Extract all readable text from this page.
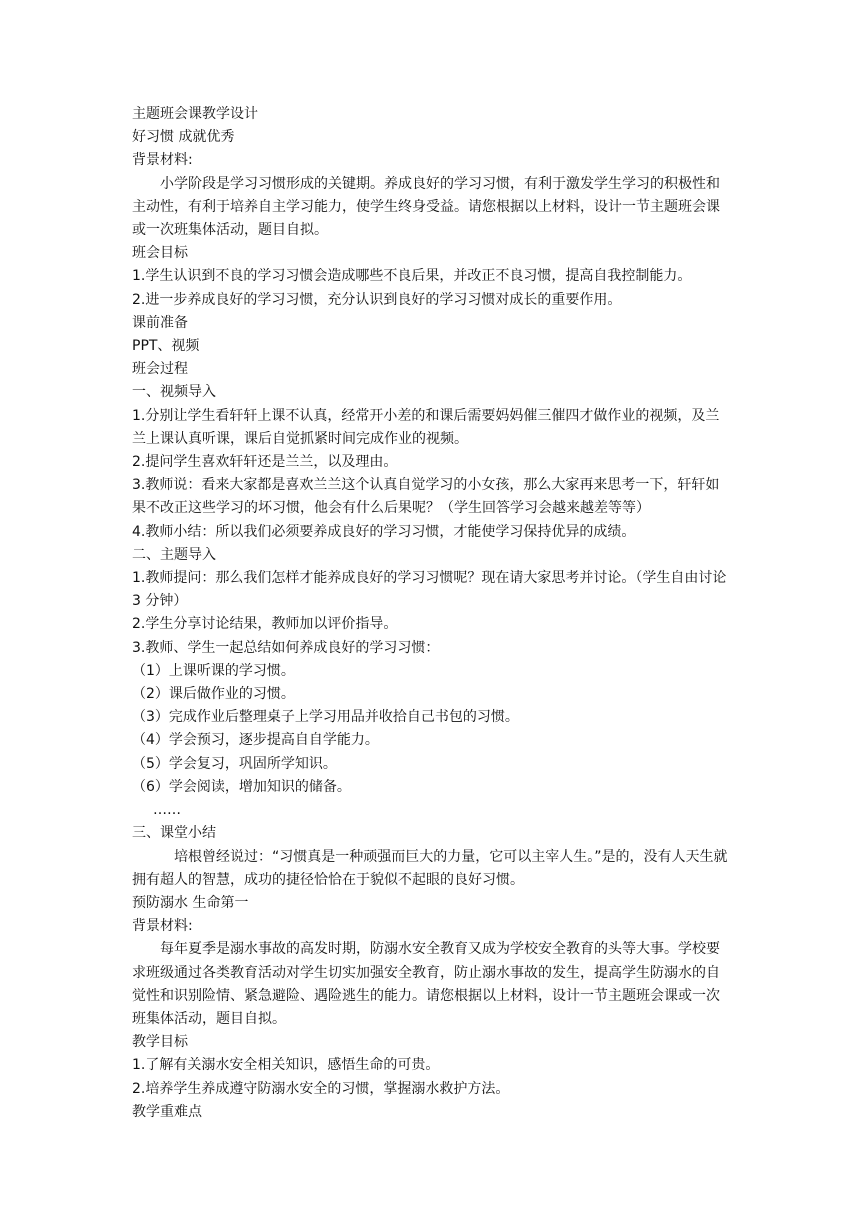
主题班会课教学设计
好习惯 成就优秀
背景材料:
小学阶段是学习习惯形成的关键期。养成良好的学习习惯，有利于激发学生学习的积极性和主动性，有利于培养自主学习能力，使学生终身受益。请您根据以上材料，设计一节主题班会课或一次班集体活动，题目自拟。
班会目标
1.学生认识到不良的学习习惯会造成哪些不良后果，并改正不良习惯，提高自我控制能力。
2.进一步养成良好的学习习惯，充分认识到良好的学习习惯对成长的重要作用。
课前准备
PPT、视频
班会过程
一、视频导入
1.分别让学生看轩轩上课不认真，经常开小差的和课后需要妈妈催三催四才做作业的视频，及兰兰上课认真听课，课后自觉抓紧时间完成作业的视频。
2.提问学生喜欢轩轩还是兰兰，以及理由。
3.教师说：看来大家都是喜欢兰兰这个认真自觉学习的小女孩，那么大家再来思考一下，轩轩如果不改正这些学习的坏习惯，他会有什么后果呢？（学生回答学习会越来越差等等）
4.教师小结：所以我们必须要养成良好的学习习惯，才能使学习保持优异的成绩。
二、主题导入
1.教师提问：那么我们怎样才能养成良好的学习习惯呢？现在请大家思考并讨论。（学生自由讨论 3 分钟）
2.学生分享讨论结果，教师加以评价指导。
3.教师、学生一起总结如何养成良好的学习习惯：
（1）上课听课的学习惯。
（2）课后做作业的习惯。
（3）完成作业后整理桌子上学习用品并收拾自己书包的习惯。
（4）学会预习，逐步提高自自学能力。
（5）学会复习，巩固所学知识。
（6）学会阅读，增加知识的储备。
……
三、课堂小结
培根曾经说过：“习惯真是一种顽强而巨大的力量，它可以主宰人生。”是的，没有人天生就拥有超人的智慧，成功的捷径恰恰在于貌似不起眼的良好习惯。
预防溺水 生命第一
背景材料:
每年夏季是溺水事故的高发时期，防溺水安全教育又成为学校安全教育的头等大事。学校要求班级通过各类教育活动对学生切实加强安全教育，防止溺水事故的发生，提高学生防溺水的自觉性和识别险情、紧急避险、遇险逃生的能力。请您根据以上材料，设计一节主题班会课或一次班集体活动，题目自拟。
教学目标
1.了解有关溺水安全相关知识，感悟生命的可贵。
2.培养学生养成遵守防溺水安全的习惯，掌握溺水救护方法。
教学重难点
